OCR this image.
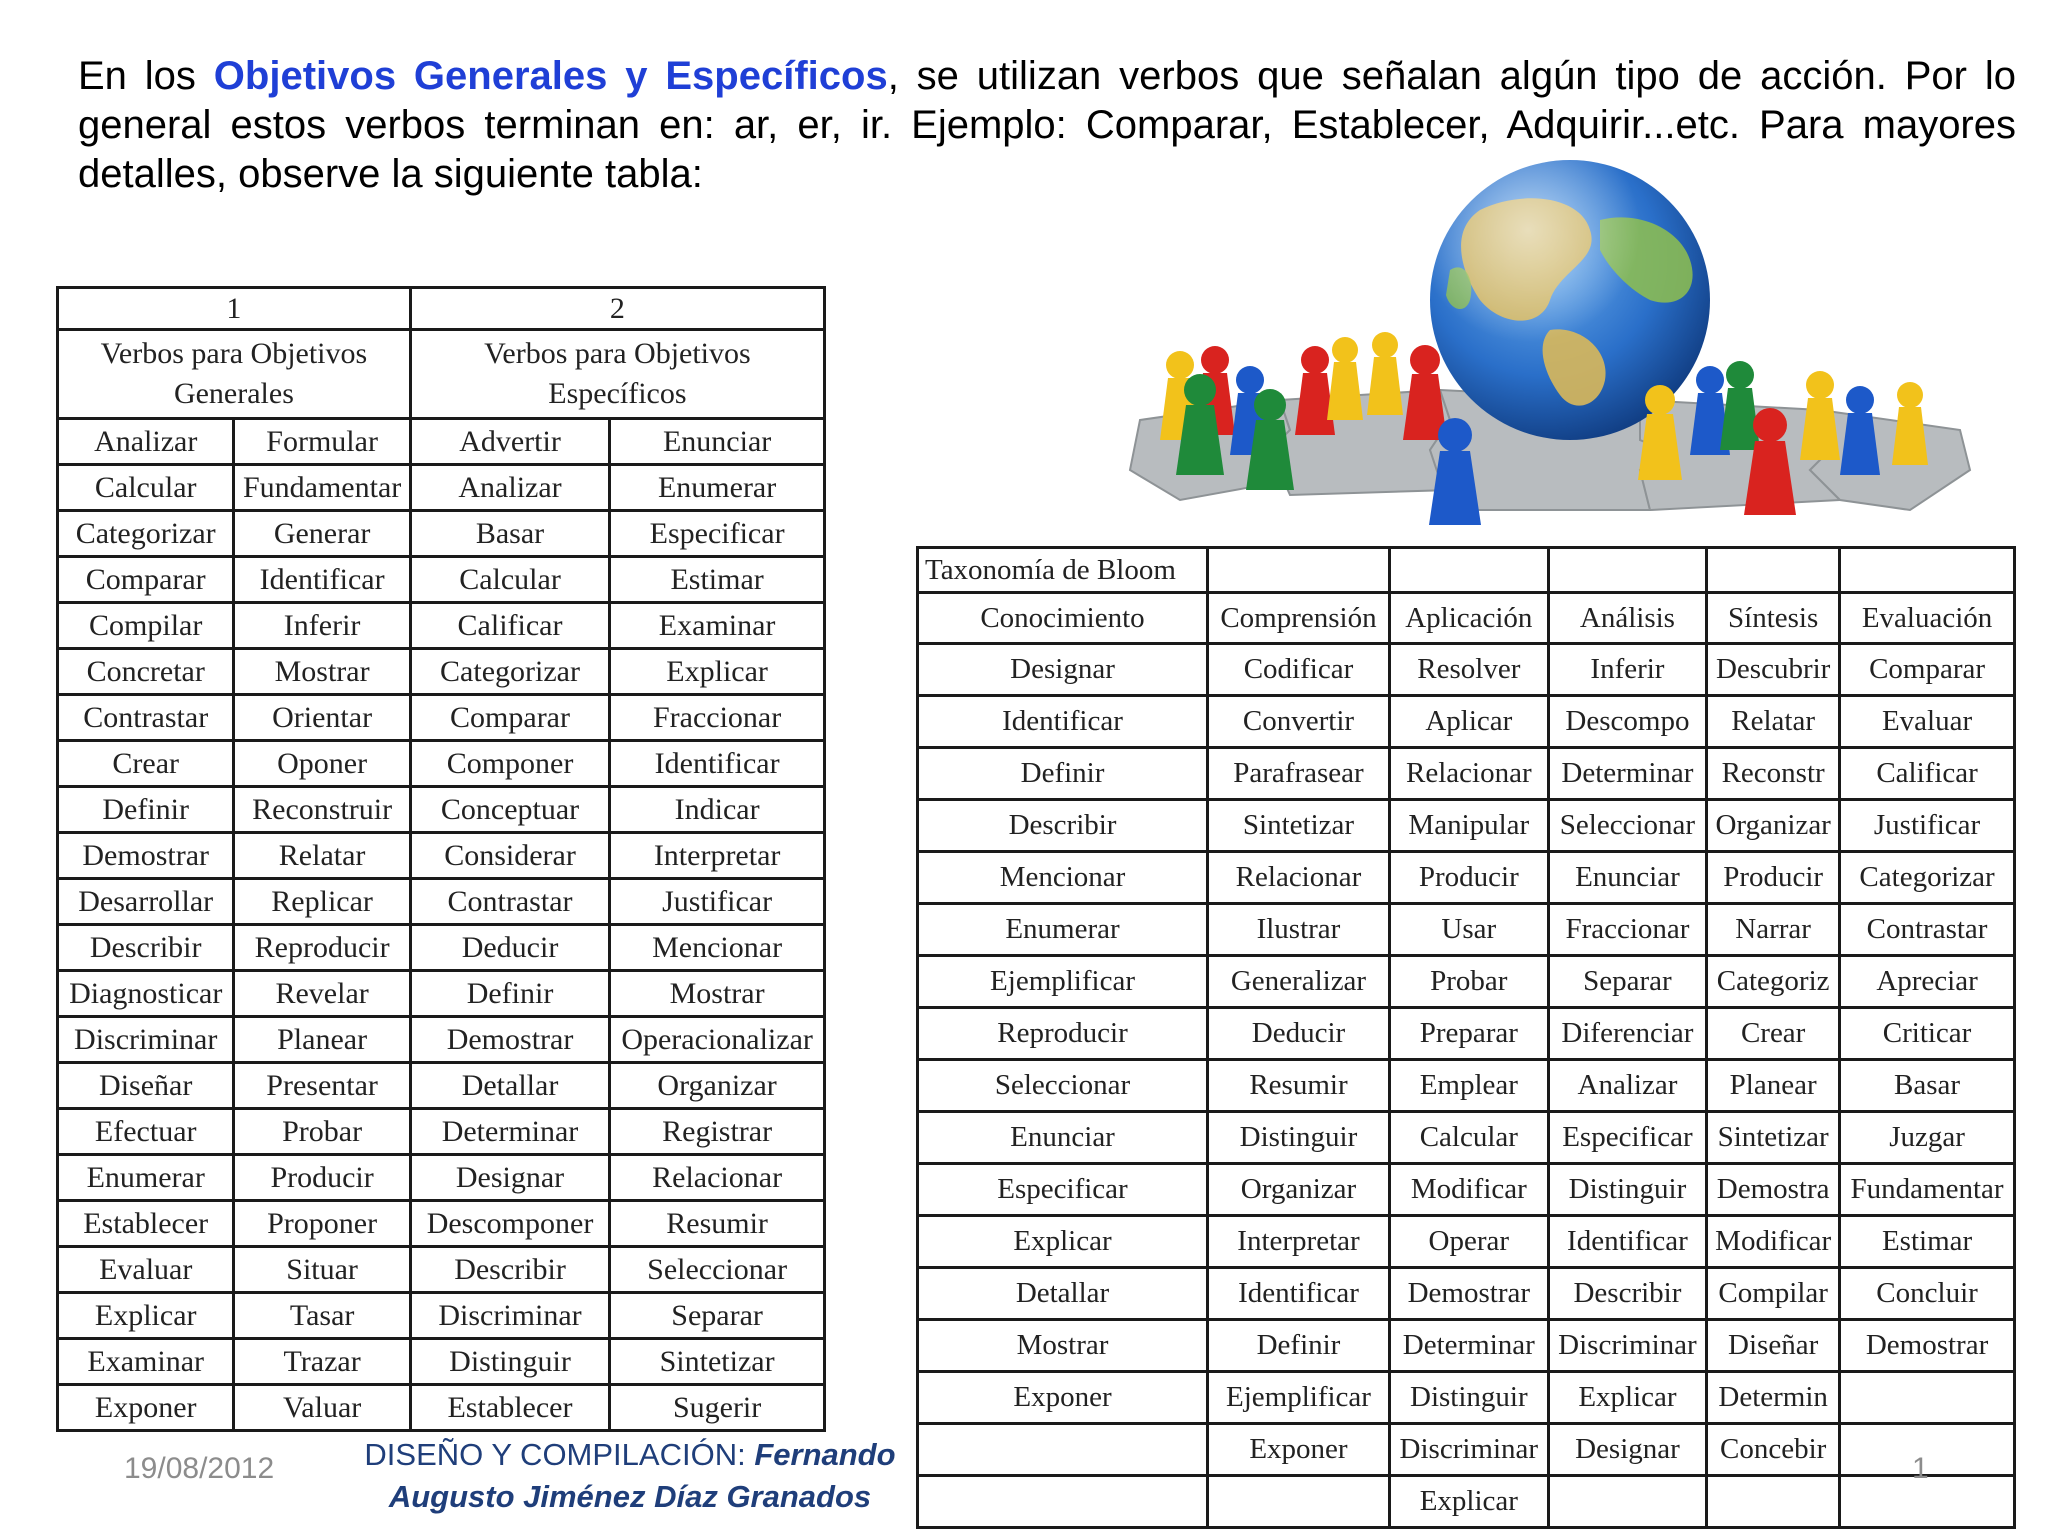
En los Objetivos Generales y Específicos, se utilizan verbos que señalan algún tipo de acción. Por lo general estos verbos terminan en: ar, er, ir. Ejemplo: Comparar, Establecer, Adquirir...etc. Para mayores detalles, observe la siguiente tabla:
1		2	
Verbos para Objetivos Generales		Verbos para Objetivos Específicos	
Analizar	Formular	Advertir	Enunciar
Calcular	Fundamentar	Analizar	Enumerar
Categorizar	Generar	Basar	Especificar
Comparar	Identificar	Calcular	Estimar
Compilar	Inferir	Calificar	Examinar
Concretar	Mostrar	Categorizar	Explicar
Contrastar	Orientar	Comparar	Fraccionar
Crear	Oponer	Componer	Identificar
Definir	Reconstruir	Conceptuar	Indicar
Demostrar	Relatar	Considerar	Interpretar
Desarrollar	Replicar	Contrastar	Justificar
Describir	Reproducir	Deducir	Mencionar
Diagnosticar	Revelar	Definir	Mostrar
Discriminar	Planear	Demostrar	Operacionalizar
Diseñar	Presentar	Detallar	Organizar
Efectuar	Probar	Determinar	Registrar
Enumerar	Producir	Designar	Relacionar
Establecer	Proponer	Descomponer	Resumir
Evaluar	Situar	Describir	Seleccionar
Explicar	Tasar	Discriminar	Separar
Examinar	Trazar	Distinguir	Sintetizar
Exponer	Valuar	Establecer	Sugerir
Taxonomía de Bloom					
Conocimiento	Comprensión	Aplicación	Análisis	Síntesis	Evaluación
Designar	Codificar	Resolver	Inferir	Descubrir	Comparar
Identificar	Convertir	Aplicar	Descompo	Relatar	Evaluar
Definir	Parafrasear	Relacionar	Determinar	Reconstr	Calificar
Describir	Sintetizar	Manipular	Seleccionar	Organizar	Justificar
Mencionar	Relacionar	Producir	Enunciar	Producir	Categorizar
Enumerar	Ilustrar	Usar	Fraccionar	Narrar	Contrastar
Ejemplificar	Generalizar	Probar	Separar	Categoriz	Apreciar
Reproducir	Deducir	Preparar	Diferenciar	Crear	Criticar
Seleccionar	Resumir	Emplear	Analizar	Planear	Basar
Enunciar	Distinguir	Calcular	Especificar	Sintetizar	Juzgar
Especificar	Organizar	Modificar	Distinguir	Demostra	Fundamentar
Explicar	Interpretar	Operar	Identificar	Modificar	Estimar
Detallar	Identificar	Demostrar	Describir	Compilar	Concluir
Mostrar	Definir	Determinar	Discriminar	Diseñar	Demostrar
Exponer	Ejemplificar	Distinguir	Explicar	Determin	
	Exponer	Discriminar	Designar	Concebir	
		Explicar			
19/08/2012	DISEÑO Y COMPILACIÓN: Fernando
Augusto Jiménez Díaz Granados
1
